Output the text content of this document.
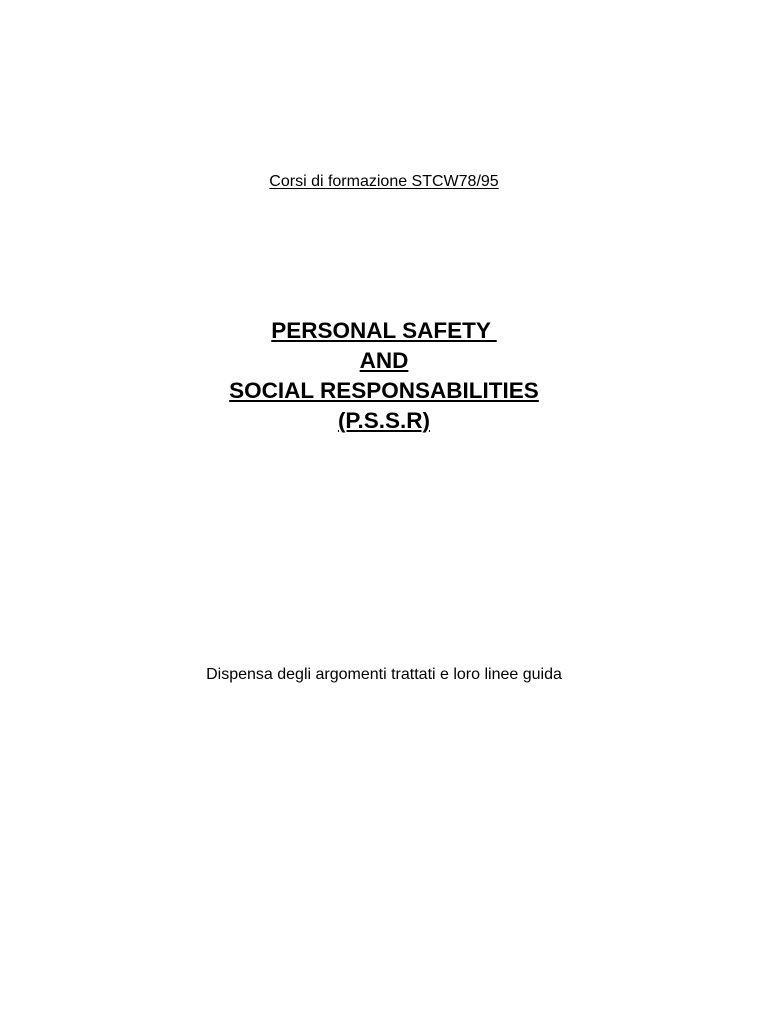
Corsi di formazione STCW78/95
PERSONAL SAFETY
AND
SOCIAL RESPONSABILITIES
(P.S.S.R)
Dispensa degli argomenti trattati e loro linee guida
